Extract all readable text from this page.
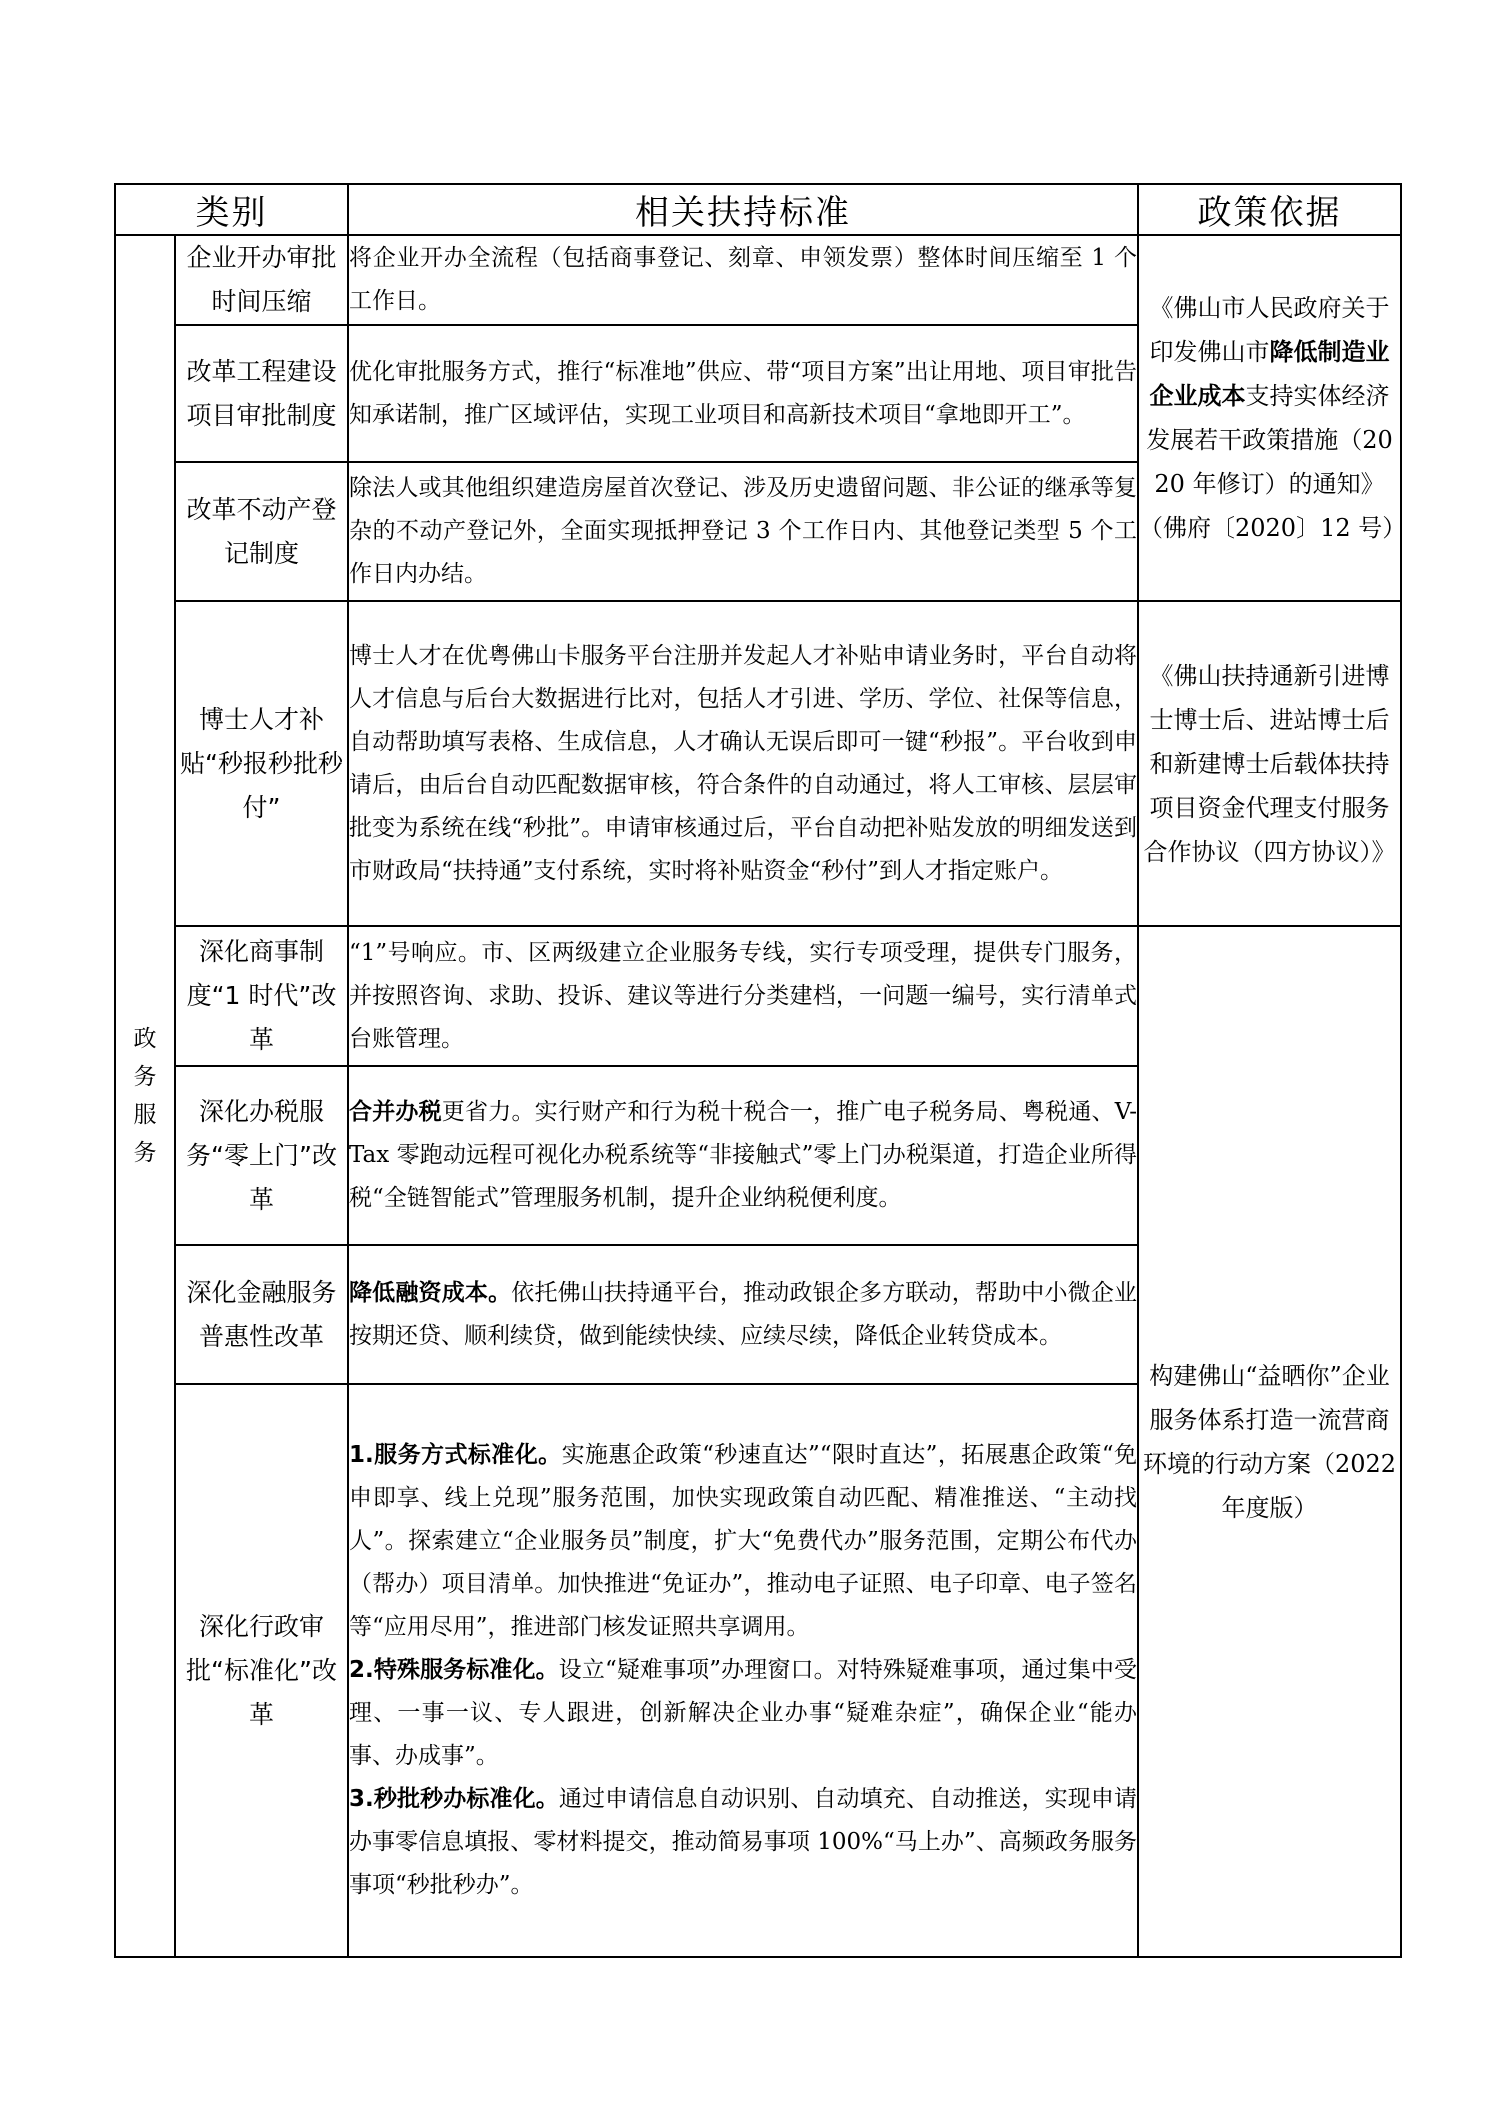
类别		相关扶持标准	政策依据
政务服务	企业开办审批时间压缩	将企业开办全流程（包括商事登记、刻章、申领发票）整体时间压缩至 1 个工作日。	《佛山市人民政府关于印发佛山市降低制造业企业成本支持实体经济发展若干政策措施（2020 年修订）的通知》（佛府〔2020〕12 号）
	改革工程建设项目审批制度	优化审批服务方式，推行“标准地”供应、带“项目方案”出让用地、项目审批告知承诺制，推广区域评估，实现工业项目和高新技术项目“拿地即开工”。	
	改革不动产登记制度	除法人或其他组织建造房屋首次登记、涉及历史遗留问题、非公证的继承等复杂的不动产登记外，全面实现抵押登记 3 个工作日内、其他登记类型 5 个工作日内办结。	
	博士人才补贴“秒报秒批秒付”	博士人才在优粤佛山卡服务平台注册并发起人才补贴申请业务时，平台自动将人才信息与后台大数据进行比对，包括人才引进、学历、学位、社保等信息，自动帮助填写表格、生成信息，人才确认无误后即可一键“秒报”。平台收到申请后，由后台自动匹配数据审核，符合条件的自动通过，将人工审核、层层审批变为系统在线“秒批”。申请审核通过后，平台自动把补贴发放的明细发送到市财政局“扶持通”支付系统，实时将补贴资金“秒付”到人才指定账户。	《佛山扶持通新引进博士博士后、进站博士后和新建博士后载体扶持项目资金代理支付服务合作协议（四方协议）》
	深化商事制度“1 时代”改革	“1”号响应。市、区两级建立企业服务专线，实行专项受理，提供专门服务，并按照咨询、求助、投诉、建议等进行分类建档，一问题一编号，实行清单式台账管理。	构建佛山“益晒你”企业服务体系打造一流营商环境的行动方案（2022 年度版）
	深化办税服务“零上门”改革	合并办税更省力。实行财产和行为税十税合一，推广电子税务局、粤税通、V-Tax 零跑动远程可视化办税系统等“非接触式”零上门办税渠道，打造企业所得税“全链智能式”管理服务机制，提升企业纳税便利度。	
	深化金融服务普惠性改革	降低融资成本。依托佛山扶持通平台，推动政银企多方联动，帮助中小微企业按期还贷、顺利续贷，做到能续快续、应续尽续，降低企业转贷成本。	
	深化行政审批“标准化”改革	1.服务方式标准化。实施惠企政策“秒速直达”“限时直达”，拓展惠企政策“免申即享、线上兑现”服务范围，加快实现政策自动匹配、精准推送、“主动找人”。探索建立“企业服务员”制度，扩大“免费代办”服务范围，定期公布代办（帮办）项目清单。加快推进“免证办”，推动电子证照、电子印章、电子签名等“应用尽用”，推进部门核发证照共享调用。
2.特殊服务标准化。设立“疑难事项”办理窗口。对特殊疑难事项，通过集中受理、一事一议、专人跟进，创新解决企业办事“疑难杂症”，确保企业“能办事、办成事”。
3.秒批秒办标准化。通过申请信息自动识别、自动填充、自动推送，实现申请办事零信息填报、零材料提交，推动简易事项 100%“马上办”、高频政务服务事项“秒批秒办”。	
